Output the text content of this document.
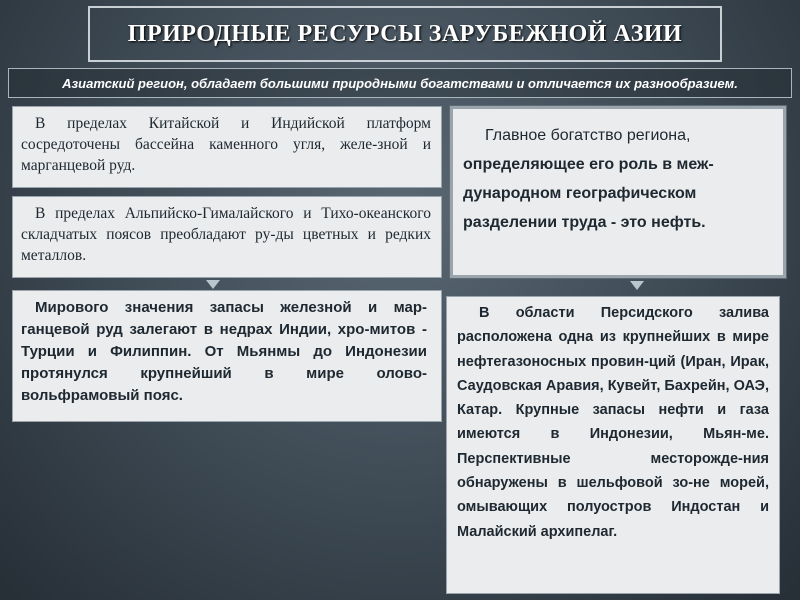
ПРИРОДНЫЕ РЕСУРСЫ ЗАРУБЕЖНОЙ АЗИИ
Азиатский регион, обладает большими природными богатствами и отличается их разнообразием.
В пределах Китайской и Индийской платформ сосредоточены бассейна каменного угля, желе-зной и марганцевой руд.
В пределах Альпийско-Гималайского и Тихо-океанского складчатых поясов преобладают ру-ды цветных и редких металлов.
Мирового значения запасы железной и мар-ганцевой руд залегают в недрах Индии, хро-митов - Турции и Филиппин. От Мьянмы до Индонезии протянулся крупнейший в мире олово-вольфрамовый пояс.
Главное богатство региона,
определяющее его роль в меж-
дународном географическом
разделении труда - это нефть.
В области Персидского залива расположена одна из крупнейших в мире нефтегазоносных провин-ций (Иран, Ирак, Саудовская Аравия, Кувейт, Бахрейн, ОАЭ, Катар. Крупные запасы нефти и газа имеются в Индонезии, Мьян-ме. Перспективные месторожде-ния обнаружены в шельфовой зо-не морей, омывающих полуостров Индостан и Малайский архипелаг.
